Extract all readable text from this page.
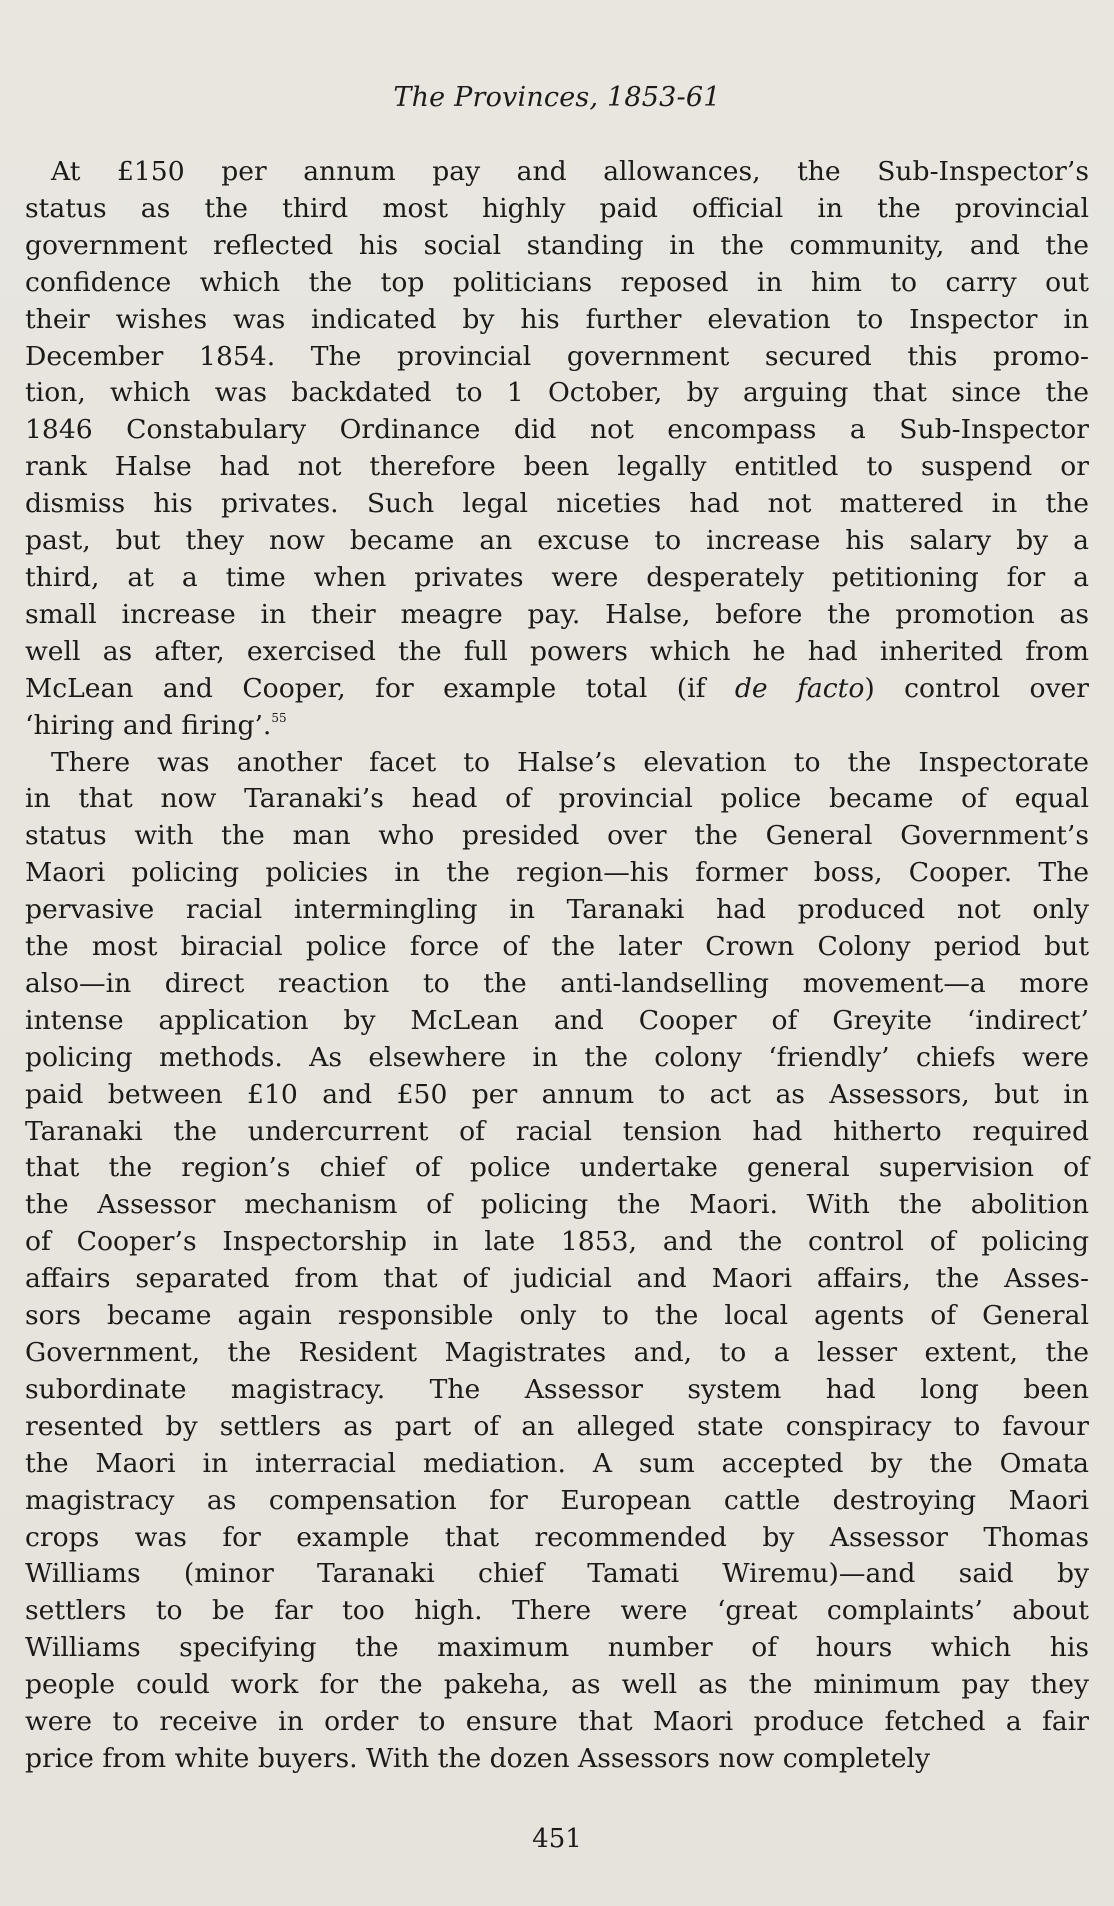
The Provinces, 1853-61
At £150 per annum pay and allowances, the Sub-Inspector’s
status as the third most highly paid official in the provincial
government reflected his social standing in the community, and the
confidence which the top politicians reposed in him to carry out
their wishes was indicated by his further elevation to Inspector in
December 1854. The provincial government secured this promo-
tion, which was backdated to 1 October, by arguing that since the
1846 Constabulary Ordinance did not encompass a Sub-Inspector
rank Halse had not therefore been legally entitled to suspend or
dismiss his privates. Such legal niceties had not mattered in the
past, but they now became an excuse to increase his salary by a
third, at a time when privates were desperately petitioning for a
small increase in their meagre pay. Halse, before the promotion as
well as after, exercised the full powers which he had inherited from
McLean and Cooper, for example total (if de facto) control over
‘hiring and firing’.$^{55}$
There was another facet to Halse’s elevation to the Inspectorate
in that now Taranaki’s head of provincial police became of equal
status with the man who presided over the General Government’s
Maori policing policies in the region—his former boss, Cooper. The
pervasive racial intermingling in Taranaki had produced not only
the most biracial police force of the later Crown Colony period but
also—in direct reaction to the anti-landselling movement—a more
intense application by McLean and Cooper of Greyite ‘indirect’
policing methods. As elsewhere in the colony ‘friendly’ chiefs were
paid between £10 and £50 per annum to act as Assessors, but in
Taranaki the undercurrent of racial tension had hitherto required
that the region’s chief of police undertake general supervision of
the Assessor mechanism of policing the Maori. With the abolition
of Cooper’s Inspectorship in late 1853, and the control of policing
affairs separated from that of judicial and Maori affairs, the Asses-
sors became again responsible only to the local agents of General
Government, the Resident Magistrates and, to a lesser extent, the
subordinate magistracy. The Assessor system had long been
resented by settlers as part of an alleged state conspiracy to favour
the Maori in interracial mediation. A sum accepted by the Omata
magistracy as compensation for European cattle destroying Maori
crops was for example that recommended by Assessor Thomas
Williams (minor Taranaki chief Tamati Wiremu)—and said by
settlers to be far too high. There were ‘great complaints’ about
Williams specifying the maximum number of hours which his
people could work for the pakeha, as well as the minimum pay they
were to receive in order to ensure that Maori produce fetched a fair
price from white buyers. With the dozen Assessors now completely
451
